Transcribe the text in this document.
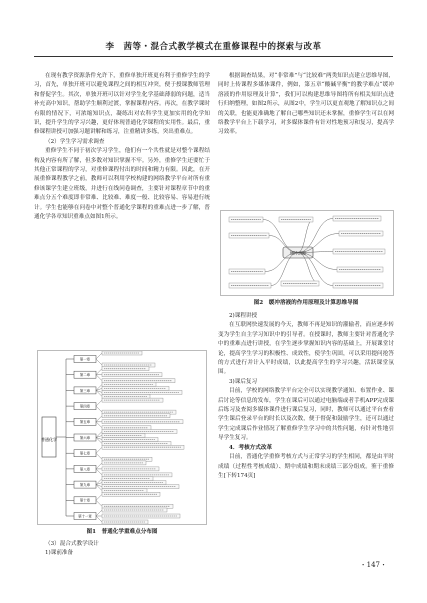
李　茜等・混合式教学模式在重修课程中的探索与改革

在现有教学资源条件允许下，重修单独开班更有利于重修学生的学习，首先，单独开班可以避免课程之间的相互冲突，便于授课教师管理和督促学生。其次，单独开班可以针对学生化学基础薄弱的问题，适当补充高中知识，帮助学生顺利过渡，掌握课程内容。再次，在教学课时有限的情况下，可浓缩知识点，凝练出对农科学生更加实用的化学知识，提升学生的学习兴趣，更好体现普通化学课程的实用性。最后，重修课程讲授可加强习题讲解和练习，注重精讲多练，突出重难点。

（2）学生学习需求调查

重修学生不同于初次学习学生，他们有一个共性就是对整个课程结构及内容有所了解，但多数对知识掌握不牢。另外，重修学生还要忙于其他正常课程的学习，对重修课程付出的时间和精力有限。因此，在开展重修课程教学之前，教师可以利用学校构建的网络教学平台对所有重修该课学生建立班级，并进行在线问卷调查，主要针对课程章节中的重难点分五个难度即非常难、比较难、难度一般、比较容易、容易进行统计。学生也能够在问卷中对整个普通化学课程的重难点进一步了解，普通化学各章知识重难点如图1所示。

普通化学
第一章
第二章
第三章
第四章
第五章
第六章
第七章
第八章
第九章
第十章
第十一章
图1　普通化学重难点分布图

（3）混合式教学设计

1)课前准备

根据调查结果，对“非常难”与“比较难”两类知识点建立思维导图，同时上传课程多媒体课件，例如，第五章“酸碱平衡”的教学难点“缓冲溶液的作用原理及计算”，我们可以构建思维导图将所有相关知识点进行归纳整理，如图2所示，从图2中，学生可以更直观地了解知识点之间的关联，也能更准确地了解自己哪些知识还未掌握，重修学生可以在网络教学平台上下载学习，对多媒体课件有针对性地预习和复习，提高学习效率。

缓冲溶液
图2　缓冲溶液的作用原理及计算思维导图

2)课程讲授

在互联网快速发展的今天，教师不再是知识的灌输者，而应逐步转变为学生自主学习知识中的引导者。在授课时，教师主要针对普通化学中的重难点进行讲授，在学生逐步掌握知识内容的基础上，开展课堂讨论，提高学生学习的积极性、成效性，使学生巩固，可以采用提问抢答的方式进行并计入平时成绩，以此提高学生的学习兴趣，活跃课堂氛围。

3)课后复习

目前，学校的网络教学平台完全可以实现教学通知、布置作业、课后讨论等信息的发布，学生在课后可以通过电脑端或者手机APP完成课后练习及查阅多媒体课件进行课后复习，同时，教师可以通过平台查看学生课后登录平台的时长以及次数，便于督促和鼓励学生，还可以通过学生完成课后作业情况了解重修学生学习中的共性问题，有针对性地引导学生复习。

4．考核方式改革

目前，普通化学重修考核方式与正常学习的学生相同，都是由平时成绩（过程性考核成绩）、期中成绩和期末成绩三部分组成。鉴于重修生[下转174页]

・147・
